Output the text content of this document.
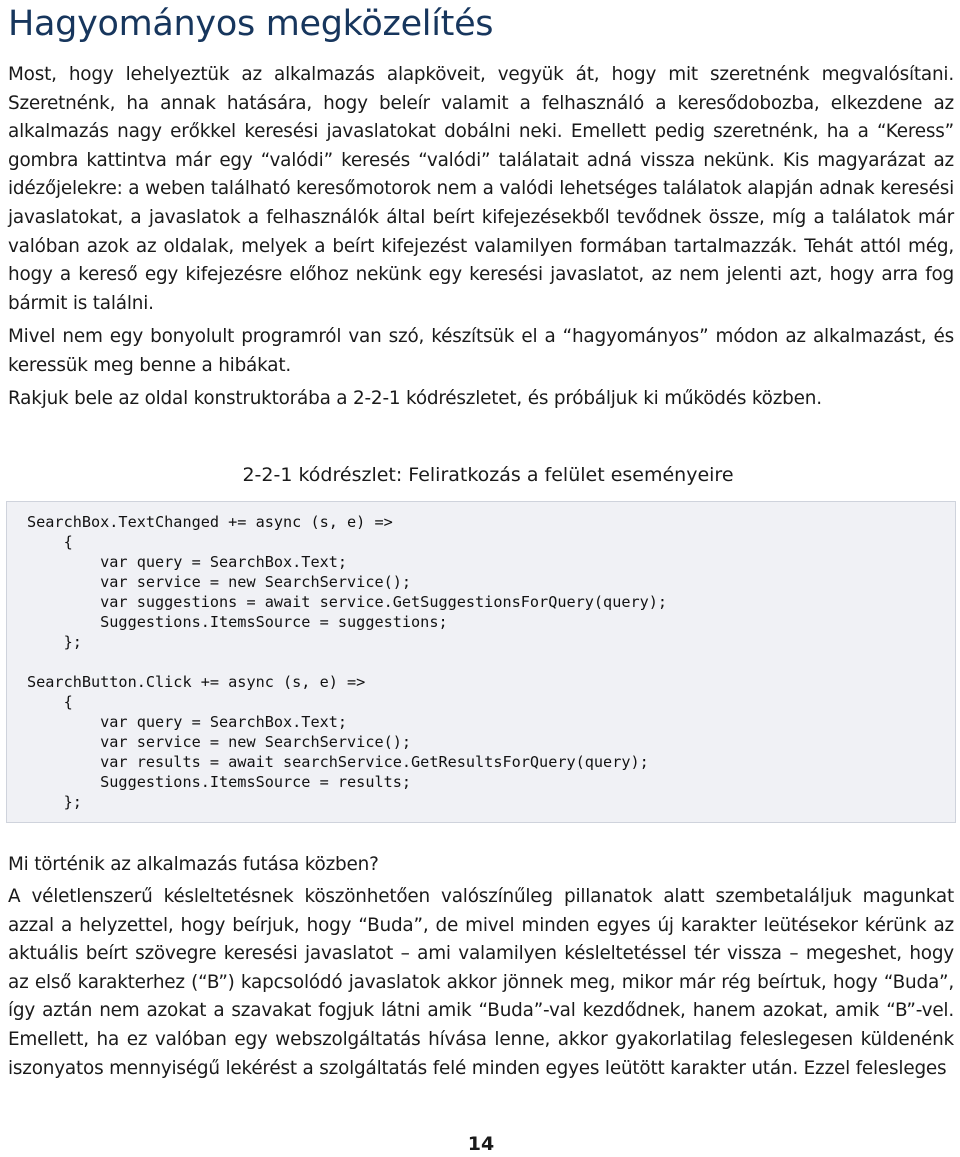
Hagyományos megközelítés

Most, hogy lehelyeztük az alkalmazás alapköveit, vegyük át, hogy mit szeretnénk megvalósítani. Szeretnénk, ha annak hatására, hogy beleír valamit a felhasználó a keresődobozba, elkezdene az alkalmazás nagy erőkkel keresési javaslatokat dobálni neki. Emellett pedig szeretnénk, ha a “Keress” gombra kattintva már egy “valódi” keresés “valódi” találatait adná vissza nekünk. Kis magyarázat az idézőjelekre: a weben található keresőmotorok nem a valódi lehetséges találatok alapján adnak keresési javaslatokat, a javaslatok a felhasználók által beírt kifejezésekből tevődnek össze, míg a találatok már valóban azok az oldalak, melyek a beírt kifejezést valamilyen formában tartalmazzák. Tehát attól még, hogy a kereső egy kifejezésre előhoz nekünk egy keresési javaslatot, az nem jelenti azt, hogy arra fog bármit is találni.

Mivel nem egy bonyolult programról van szó, készítsük el a “hagyományos” módon az alkalmazást, és keressük meg benne a hibákat.

Rakjuk bele az oldal konstruktorába a 2-2-1 kódrészletet, és próbáljuk ki működés közben.

2-2-1 kódrészlet: Feliratkozás a felület eseményeire
SearchBox.TextChanged += async (s, e) =>
{
var query = SearchBox.Text;
var service = new SearchService();
var suggestions = await service.GetSuggestionsForQuery(query);
Suggestions.ItemsSource = suggestions;
};

SearchButton.Click += async (s, e) =>
{
var query = SearchBox.Text;
var service = new SearchService();
var results = await searchService.GetResultsForQuery(query);
Suggestions.ItemsSource = results;
};

Mi történik az alkalmazás futása közben?

A véletlenszerű késleltetésnek köszönhetően valószínűleg pillanatok alatt szembetaláljuk magunkat azzal a helyzettel, hogy beírjuk, hogy “Buda”, de mivel minden egyes új karakter leütésekor kérünk az aktuális beírt szövegre keresési javaslatot – ami valamilyen késleltetéssel tér vissza – megeshet, hogy az első karakterhez (“B”) kapcsolódó javaslatok akkor jönnek meg, mikor már rég beírtuk, hogy “Buda”, így aztán nem azokat a szavakat fogjuk látni amik “Buda”-val kezdődnek, hanem azokat, amik “B”-vel. Emellett, ha ez valóban egy webszolgáltatás hívása lenne, akkor gyakorlatilag feleslegesen küldenénk iszonyatos mennyiségű lekérést a szolgáltatás felé minden egyes leütött karakter után. Ezzel felesleges

14
